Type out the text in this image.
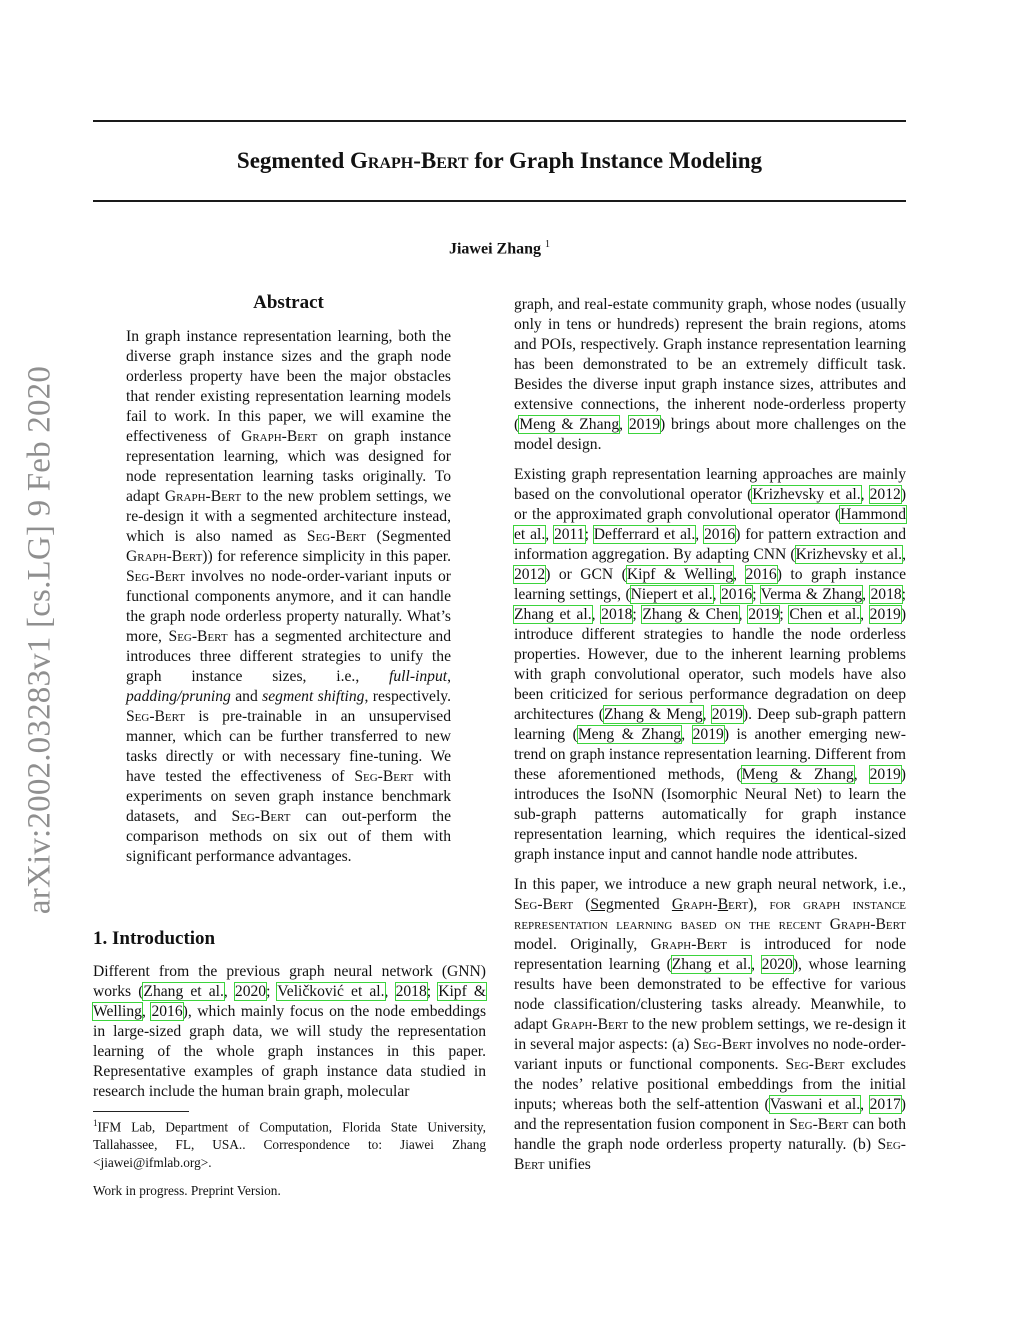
Segmented Graph-Bert for Graph Instance Modeling
Jiawei Zhang $^1$
arXiv:2002.03283v1 [cs.LG] 9 Feb 2020
Abstract
In graph instance representation learning, both the diverse graph instance sizes and the graph node orderless property have been the major obstacles that render existing representation learning models fail to work. In this paper, we will examine the effectiveness of Graph-Bert on graph instance representation learning, which was designed for node representation learning tasks originally. To adapt Graph-Bert to the new problem settings, we re-design it with a segmented architecture instead, which is also named as Seg-Bert (Segmented Graph-Bert)) for reference simplicity in this paper. Seg-Bert involves no node-order-variant inputs or functional components anymore, and it can handle the graph node orderless property naturally. What’s more, Seg-Bert has a segmented architecture and introduces three different strategies to unify the graph instance sizes, i.e., full-input, padding/pruning and segment shifting, respectively. Seg-Bert is pre-trainable in an unsupervised manner, which can be further transferred to new tasks directly or with necessary fine-tuning. We have tested the effectiveness of Seg-Bert with experiments on seven graph instance benchmark datasets, and Seg-Bert can out-perform the comparison methods on six out of them with significant performance advantages.
1. Introduction
Different from the previous graph neural network (GNN) works (Zhang et al., 2020; Veličković et al., 2018; Kipf & Welling, 2016), which mainly focus on the node embeddings in large-sized graph data, we will study the representation learning of the whole graph instances in this paper. Representative examples of graph instance data studied in research include the human brain graph, molecular
$^1$IFM Lab, Department of Computation, Florida State University, Tallahassee, FL, USA.. Correspondence to: Jiawei Zhang <jiawei@ifmlab.org>.
Work in progress. Preprint Version.

graph, and real-estate community graph, whose nodes (usually only in tens or hundreds) represent the brain regions, atoms and POIs, respectively. Graph instance representation learning has been demonstrated to be an extremely difficult task. Besides the diverse input graph instance sizes, attributes and extensive connections, the inherent node-orderless property (Meng & Zhang, 2019) brings about more challenges on the model design.

Existing graph representation learning approaches are mainly based on the convolutional operator (Krizhevsky et al., 2012) or the approximated graph convolutional operator (Hammond et al., 2011; Defferrard et al., 2016) for pattern extraction and information aggregation. By adapting CNN (Krizhevsky et al., 2012) or GCN (Kipf & Welling, 2016) to graph instance learning settings, (Niepert et al., 2016; Verma & Zhang, 2018; Zhang et al., 2018; Zhang & Chen, 2019; Chen et al., 2019) introduce different strategies to handle the node orderless properties. However, due to the inherent learning problems with graph convolutional operator, such models have also been criticized for serious performance degradation on deep architectures (Zhang & Meng, 2019). Deep sub-graph pattern learning (Meng & Zhang, 2019) is another emerging new-trend on graph instance representation learning. Different from these aforementioned methods, (Meng & Zhang, 2019) introduces the IsoNN (Isomorphic Neural Net) to learn the sub-graph patterns automatically for graph instance representation learning, which requires the identical-sized graph instance input and cannot handle node attributes.

In this paper, we introduce a new graph neural network, i.e., Seg-Bert (Segmented Graph-Bert), for graph instance representation learning based on the recent Graph-Bert model. Originally, Graph-Bert is introduced for node representation learning (Zhang et al., 2020), whose learning results have been demonstrated to be effective for various node classification/clustering tasks already. Meanwhile, to adapt Graph-Bert to the new problem settings, we re-design it in several major aspects: (a) Seg-Bert involves no node-order-variant inputs or functional components. Seg-Bert excludes the nodes’ relative positional embeddings from the initial inputs; whereas both the self-attention (Vaswani et al., 2017) and the representation fusion component in Seg-Bert can both handle the graph node orderless property naturally. (b) Seg-Bert unifies
